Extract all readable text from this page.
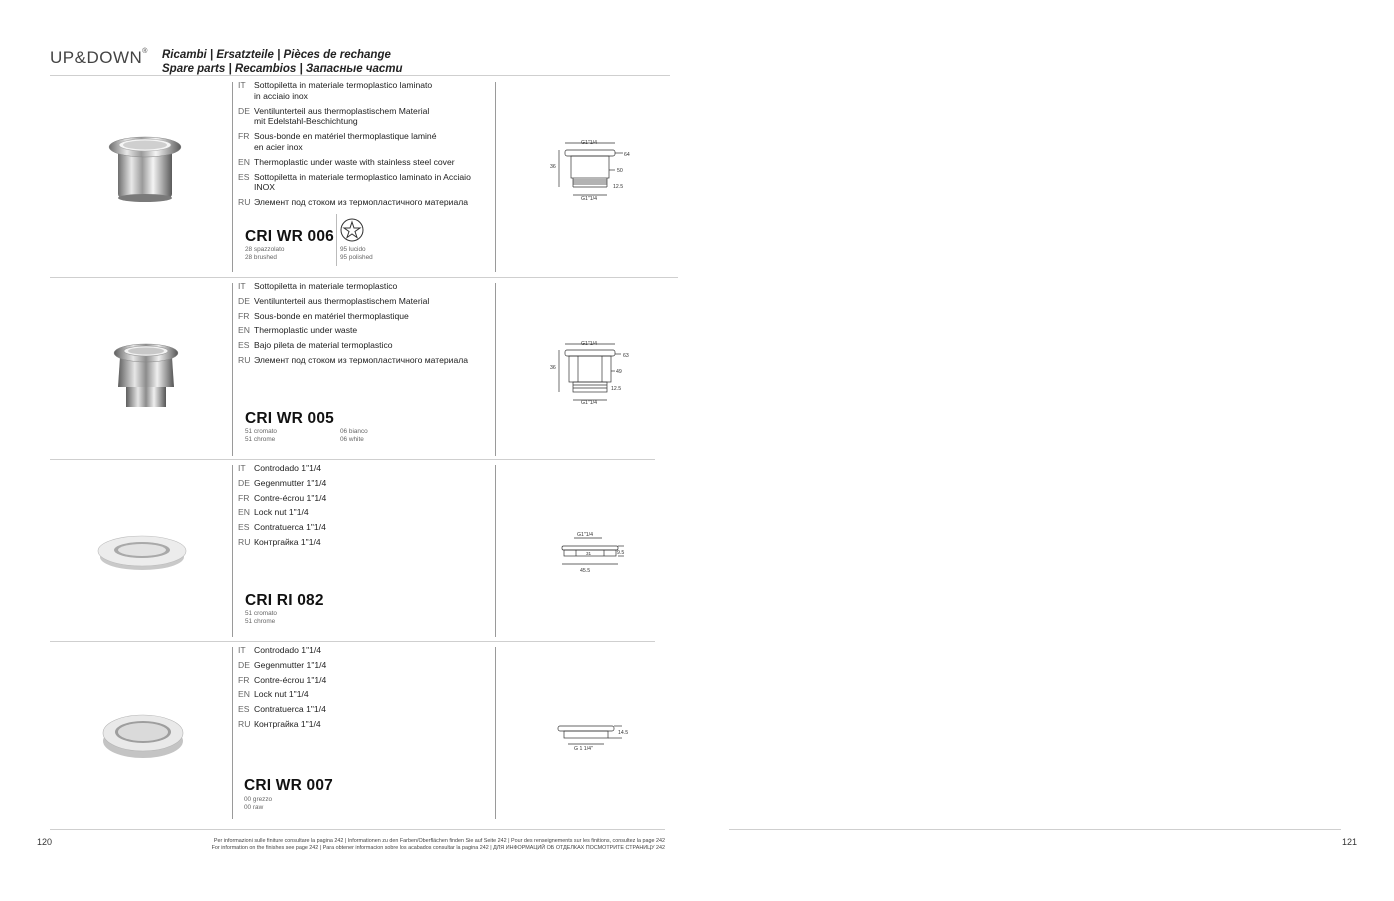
UP&DOWN® Ricambi | Ersatzteile | Pièces de rechange
Spare parts | Recambios | Запасные части
IT Sottopiletta in materiale termoplastico laminato
in acciaio inox
DE Ventilunterteil aus thermoplastischem Material
mit Edelstahl-Beschichtung
FR Sous-bonde en matériel thermoplastique laminé
en acier inox
EN Thermoplastic under waste with stainless steel cover
ES Sottopiletta in materiale termoplastico laminato in Acciaio
INOX
RU Элемент под стоком из термопластичного материала
CRI WR 006
28 spazzolato
28 brushed
95 lucido
95 polished
G1"1/4
36
64
50
12.5
G1"1/4
IT Sottopiletta in materiale termoplastico
DE Ventilunterteil aus thermoplastischem Material
FR Sous-bonde en matériel thermoplastique
EN Thermoplastic under waste
ES Bajo pileta de material termoplastico
RU Элемент под стоком из термопластичного материала
CRI WR 005
51 cromato
51 chrome
06 bianco
06 white
G1"1/4
36
63
49
12.5
G1"1/4
IT Controdado 1"1/4
DE Gegenmutter 1"1/4
FR Contre-écrou 1"1/4
EN Lock nut 1"1/4
ES Contratuerca 1"1/4
RU Контргайка 1"1/4
CRI RI 082
51 cromato
51 chrome
G1"1/4
31	9.5
45.5
IT Controdado 1"1/4
DE Gegenmutter 1"1/4
FR Contre-écrou 1"1/4
EN Lock nut 1"1/4
ES Contratuerca 1"1/4
RU Контргайка 1"1/4
CRI WR 007
00 grezzo
00 raw
14.5
G 1 1/4"
120	121
Per informazioni sulle finiture consultare la pagina 242 | Informationen zu den Farben/Oberflächen finden Sie auf Seite 242 | Pour des renseignements sur les finitions, consultez la page 242
For information on the finishes see page 242 | Para obtener informacion sobre los acabados consultar la pagina 242 | ДЛЯ ИНФОРМАЦИЙ ОБ ОТДЕЛКАХ ПОСМОТРИТЕ СТРАНИЦУ 242
